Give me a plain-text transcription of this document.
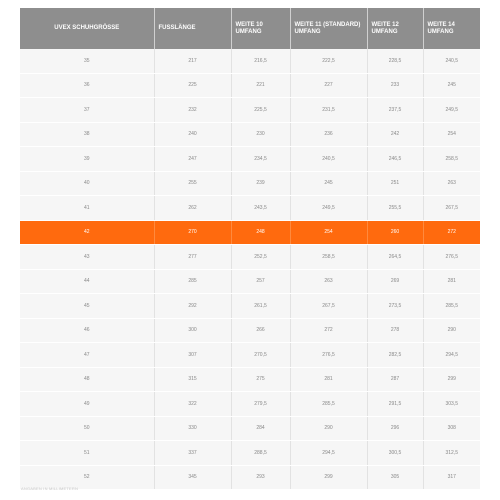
UVEX SCHUHGRÖSSE	FUSSLÄNGE	WEITE 10 UMFANG	WEITE 11 (STANDARD) UMFANG	WEITE 12 UMFANG	WEITE 14 UMFANG
35	217	216,5	222,5	228,5	240,5
36	225	221	227	233	245
37	232	225,5	231,5	237,5	249,5
38	240	230	236	242	254
39	247	234,5	240,5	246,5	258,5
40	255	239	245	251	263
41	262	243,5	249,5	255,5	267,5
42	270	248	254	260	272
43	277	252,5	258,5	264,5	276,5
44	285	257	263	269	281
45	292	261,5	267,5	273,5	285,5
46	300	266	272	278	290
47	307	270,5	276,5	282,5	294,5
48	315	275	281	287	299
49	322	279,5	285,5	291,5	303,5
50	330	284	290	296	308
51	337	288,5	294,5	300,5	312,5
52	345	293	299	305	317
ANGABEN IN MILLIMETERN
